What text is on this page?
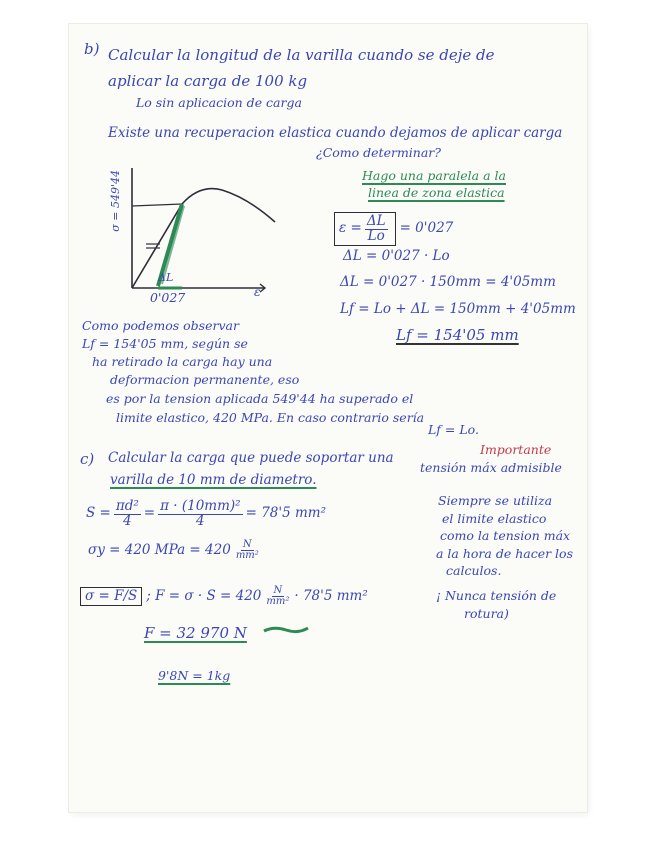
b) Calcular la longitud de la varilla cuando se deje de aplicar la carga de 100 kg
Lo sin aplicacion de carga
Existe una recuperacion elastica cuando dejamos de aplicar carga
¿Como determinar?
Hago una paralela a la
linea de zona elastica
σ = 549'44
ε
0'027
ΔL
$\varepsilon = \frac{\Delta L}{Lo} = 0'027$
ΔL = 0'027 · Lo
ΔL = 0'027 · 150mm = 4'05mm
Lf = Lo + ΔL = 150mm + 4'05mm
Lf = 154'05 mm
Como podemos observar
Lf = 154'05 mm, según se
ha retirado la carga hay una
deformacion permanente, eso
es por la tension aplicada 549'44 ha superado el
limite elastico, 420 MPa. En caso contrario sería
Lf = Lo.
c) Calcular la carga que puede soportar una
varilla de 10 mm de diametro.
Importante
tensión máx admisible
Siempre se utiliza
el limite elastico
como la tension máx
a la hora de hacer los
calculos.
¡ Nunca tensión de
rotura)
$S = \frac{\text{πd²}}{4} = \frac{\text{π · (10mm)²}}{4} = 78'5$ mm²
σy = 420 MPa = $420 \frac{N}{\text{mm²}}$
σ = F/S ; $F = \sigma \cdot S = 420 \frac{N}{\text{mm²}} \cdot 78'5$ mm²
F = 32 970 N
9'8N = 1kg
